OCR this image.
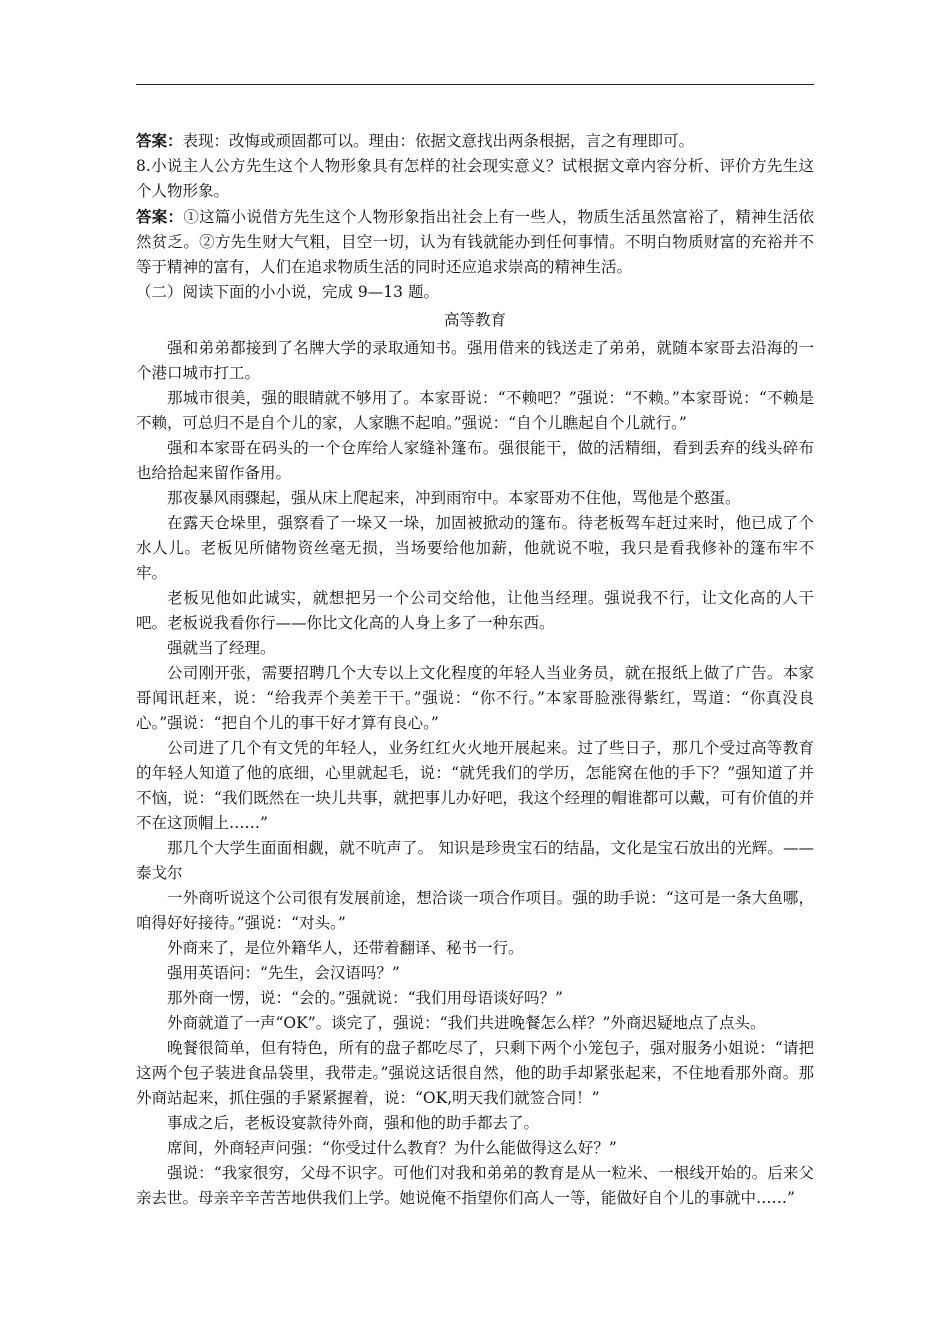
答案：表现：改悔或顽固都可以。理由：依据文意找出两条根据，言之有理即可。

8.小说主人公方先生这个人物形象具有怎样的社会现实意义？试根据文章内容分析、评价方先生这个人物形象。

答案：①这篇小说借方先生这个人物形象指出社会上有一些人，物质生活虽然富裕了，精神生活依然贫乏。②方先生财大气粗，目空一切，认为有钱就能办到任何事情。不明白物质财富的充裕并不等于精神的富有，人们在追求物质生活的同时还应追求崇高的精神生活。

（二）阅读下面的小小说，完成 9—13 题。

高等教育

强和弟弟都接到了名牌大学的录取通知书。强用借来的钱送走了弟弟，就随本家哥去沿海的一个港口城市打工。

那城市很美，强的眼睛就不够用了。本家哥说：“不赖吧？”强说：“不赖。”本家哥说：“不赖是不赖，可总归不是自个儿的家，人家瞧不起咱。”强说：“自个儿瞧起自个儿就行。”

强和本家哥在码头的一个仓库给人家缝补篷布。强很能干，做的活精细，看到丢弃的线头碎布也给拾起来留作备用。

那夜暴风雨骤起，强从床上爬起来，冲到雨帘中。本家哥劝不住他，骂他是个憨蛋。

在露天仓垛里，强察看了一垛又一垛，加固被掀动的篷布。待老板驾车赶过来时，他已成了个水人儿。老板见所储物资丝毫无损，当场要给他加薪，他就说不啦，我只是看我修补的篷布牢不牢。

老板见他如此诚实，就想把另一个公司交给他，让他当经理。强说我不行，让文化高的人干吧。老板说我看你行——你比文化高的人身上多了一种东西。

强就当了经理。

公司刚开张，需要招聘几个大专以上文化程度的年轻人当业务员，就在报纸上做了广告。本家哥闻讯赶来，说：“给我弄个美差干干。”强说：“你不行。”本家哥脸涨得紫红，骂道：“你真没良心。”强说：“把自个儿的事干好才算有良心。”

公司进了几个有文凭的年轻人，业务红红火火地开展起来。过了些日子，那几个受过高等教育的年轻人知道了他的底细，心里就起毛，说：“就凭我们的学历，怎能窝在他的手下？”强知道了并不恼，说：“我们既然在一块儿共事，就把事儿办好吧，我这个经理的帽谁都可以戴，可有价值的并不在这顶帽上……”

那几个大学生面面相觑，就不吭声了。 知识是珍贵宝石的结晶，文化是宝石放出的光辉。——泰戈尔

一外商听说这个公司很有发展前途，想洽谈一项合作项目。强的助手说：“这可是一条大鱼哪，咱得好好接待。”强说：“对头。”

外商来了，是位外籍华人，还带着翻译、秘书一行。

强用英语问：“先生，会汉语吗？”

那外商一愣，说：“会的。”强就说：“我们用母语谈好吗？”

外商就道了一声“OK”。谈完了，强说：“我们共进晚餐怎么样？”外商迟疑地点了点头。

晚餐很简单，但有特色，所有的盘子都吃尽了，只剩下两个小笼包子，强对服务小姐说：“请把这两个包子装进食品袋里，我带走。”强说这话很自然，他的助手却紧张起来，不住地看那外商。那外商站起来，抓住强的手紧紧握着，说：“OK,明天我们就签合同！”

事成之后，老板设宴款待外商，强和他的助手都去了。

席间，外商轻声问强：“你受过什么教育？为什么能做得这么好？”

强说：“我家很穷，父母不识字。可他们对我和弟弟的教育是从一粒米、一根线开始的。后来父亲去世。母亲辛辛苦苦地供我们上学。她说俺不指望你们高人一等，能做好自个儿的事就中……”
